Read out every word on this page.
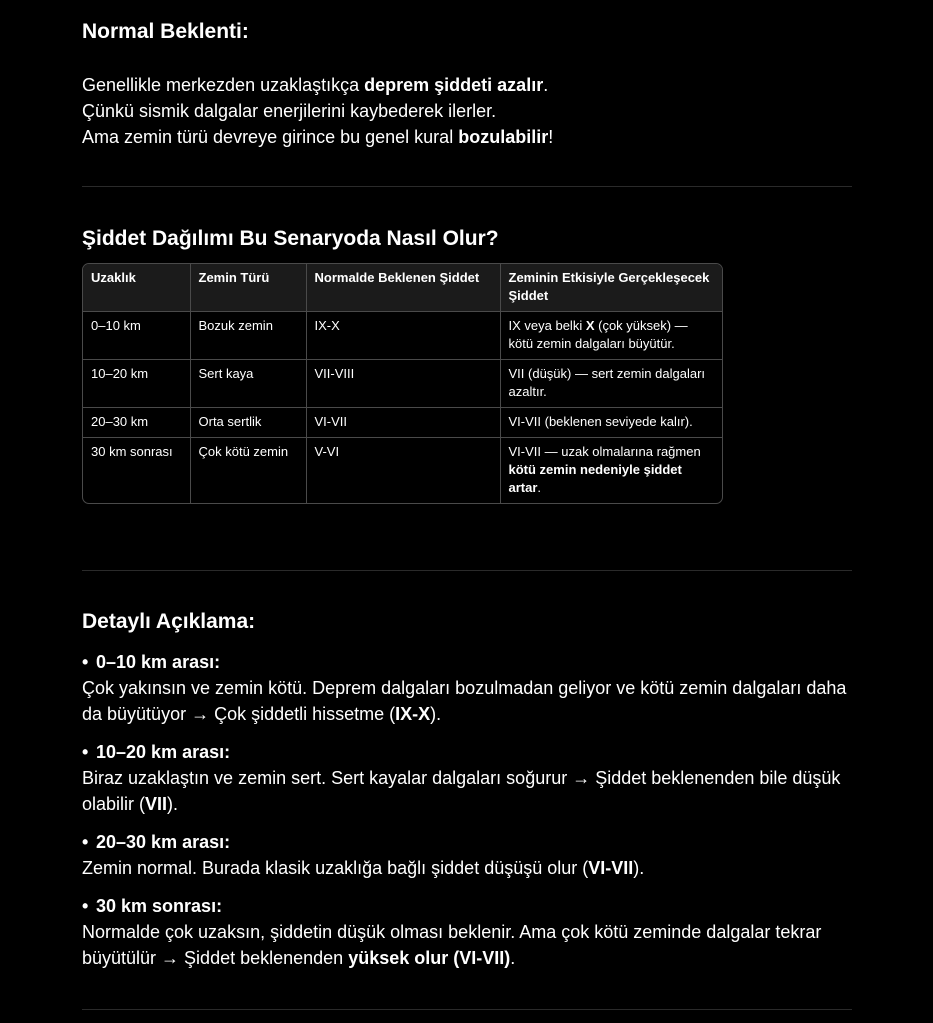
Normal Beklenti:

Genellikle merkezden uzaklaştıkça deprem şiddeti azalır.

Çünkü sismik dalgalar enerjilerini kaybederek ilerler.

Ama zemin türü devreye girince bu genel kural bozulabilir!

Şiddet Dağılımı Bu Senaryoda Nasıl Olur?
Uzaklık	Zemin Türü	Normalde Beklenen Şiddet	Zeminin Etkisiyle Gerçekleşecek Şiddet
0–10 km	Bozuk zemin	IX-X	IX veya belki X (çok yüksek) — kötü zemin dalgaları büyütür.
10–20 km	Sert kaya	VII-VIII	VII (düşük) — sert zemin dalgaları azaltır.
20–30 km	Orta sertlik	VI-VII	VI-VII (beklenen seviyede kalır).
30 km sonrası	Çok kötü zemin	V-VI	VI-VII — uzak olmalarına rağmen kötü zemin nedeniyle şiddet artar.
Detaylı Açıklama:
• 0–10 km arası:
Çok yakınsın ve zemin kötü. Deprem dalgaları bozulmadan geliyor ve kötü zemin dalgaları daha da büyütüyor → Çok şiddetli hissetme (IX-X).
• 10–20 km arası:
Biraz uzaklaştın ve zemin sert. Sert kayalar dalgaları soğurur → Şiddet beklenenden bile düşük olabilir (VII).
• 20–30 km arası:
Zemin normal. Burada klasik uzaklığa bağlı şiddet düşüşü olur (VI-VII).
• 30 km sonrası:
Normalde çok uzaksın, şiddetin düşük olması beklenir. Ama çok kötü zeminde dalgalar tekrar büyütülür → Şiddet beklenenden yüksek olur (VI-VII).
